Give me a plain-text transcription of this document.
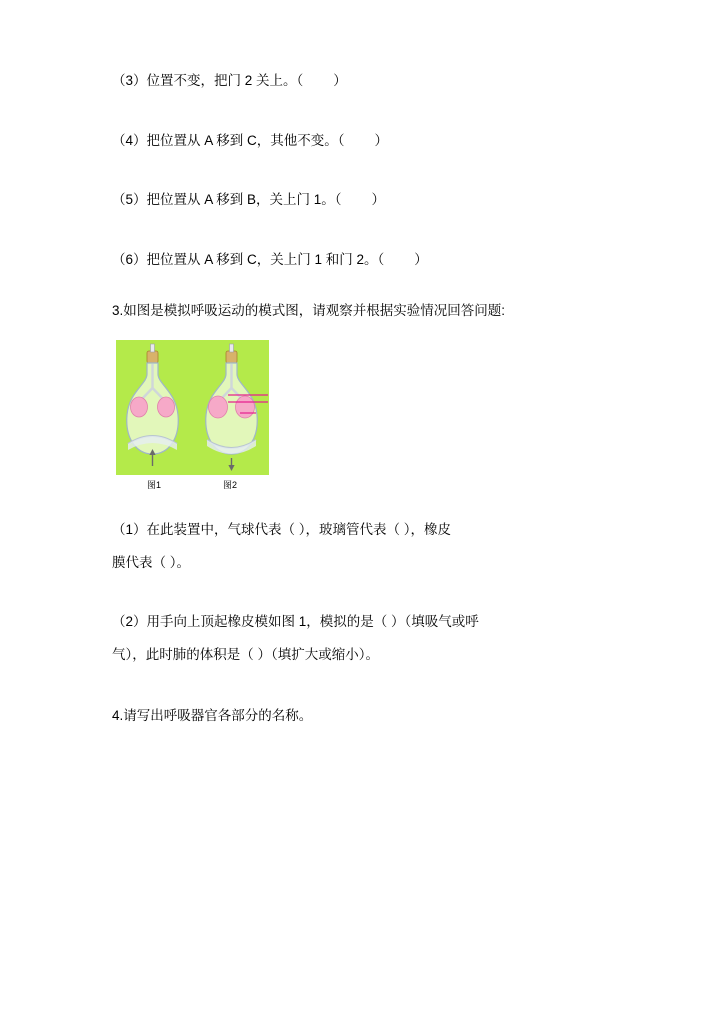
（3）位置不变，把门 2 关上。（        ）

（4）把位置从 A 移到 C，其他不变。（        ）

（5）把位置从 A 移到 B，关上门 1。（        ）

（6）把位置从 A 移到 C，关上门 1 和门 2。（        ）

3.如图是模拟呼吸运动的模式图，请观察并根据实验情况回答问题:

图1	图2

（1）在此装置中，气球代表（ ），玻璃管代表（ ），橡皮
膜代表（ ）。

（2）用手向上顶起橡皮模如图 1，模拟的是（ ）（填吸气或呼
气），此时肺的体积是（ ）（填扩大或缩小）。

4.请写出呼吸器官各部分的名称。
